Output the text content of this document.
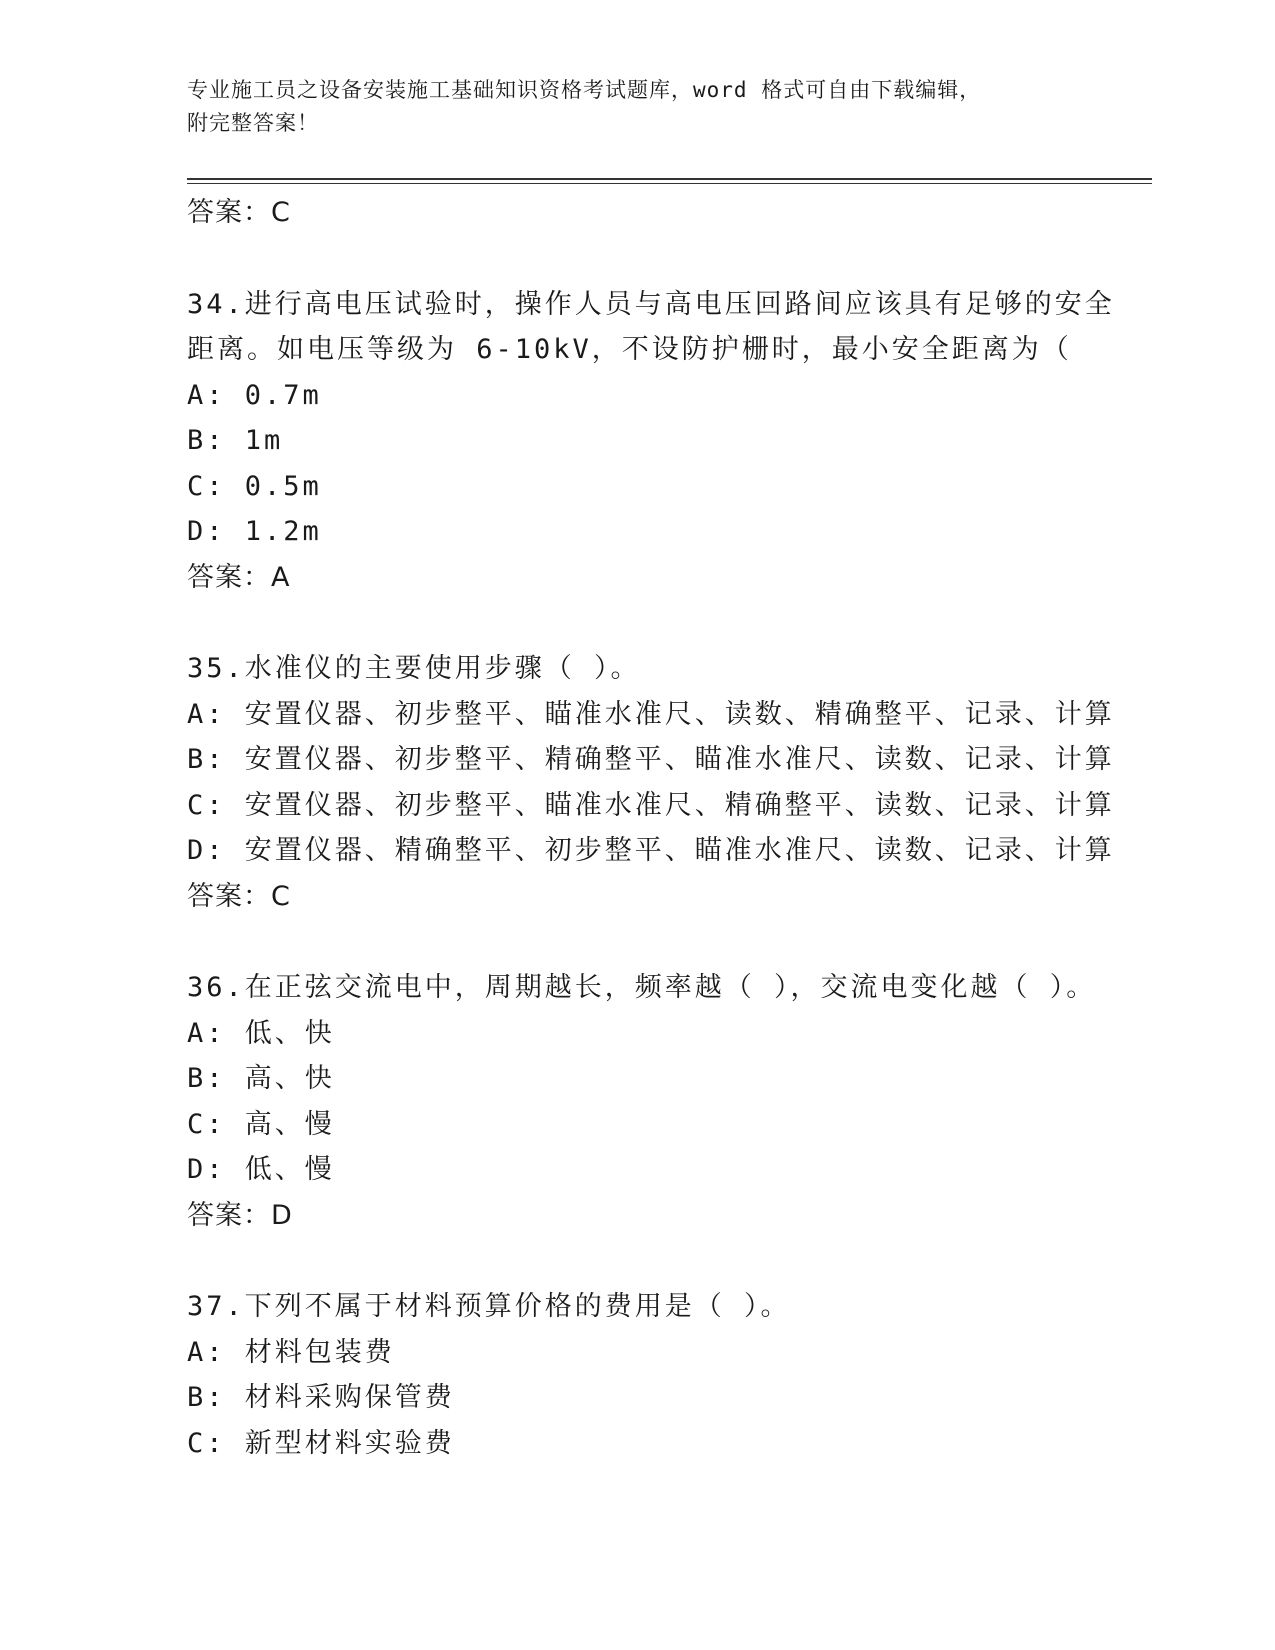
专业施工员之设备安装施工基础知识资格考试题库，word 格式可自由下载编辑，
附完整答案！
答案：C
34.进行高电压试验时，操作人员与高电压回路间应该具有足够的安全
距离。如电压等级为 6-10kV，不设防护栅时，最小安全距离为（
A: 0.7m
B: 1m
C: 0.5m
D: 1.2m
答案：A
35.水准仪的主要使用步骤（ ）。
A: 安置仪器、初步整平、瞄准水准尺、读数、精确整平、记录、计算
B: 安置仪器、初步整平、精确整平、瞄准水准尺、读数、记录、计算
C: 安置仪器、初步整平、瞄准水准尺、精确整平、读数、记录、计算
D: 安置仪器、精确整平、初步整平、瞄准水准尺、读数、记录、计算
答案：C
36.在正弦交流电中，周期越长，频率越（ ），交流电变化越（ ）。
A: 低、快
B: 高、快
C: 高、慢
D: 低、慢
答案：D
37.下列不属于材料预算价格的费用是（ ）。
A: 材料包装费
B: 材料采购保管费
C: 新型材料实验费
